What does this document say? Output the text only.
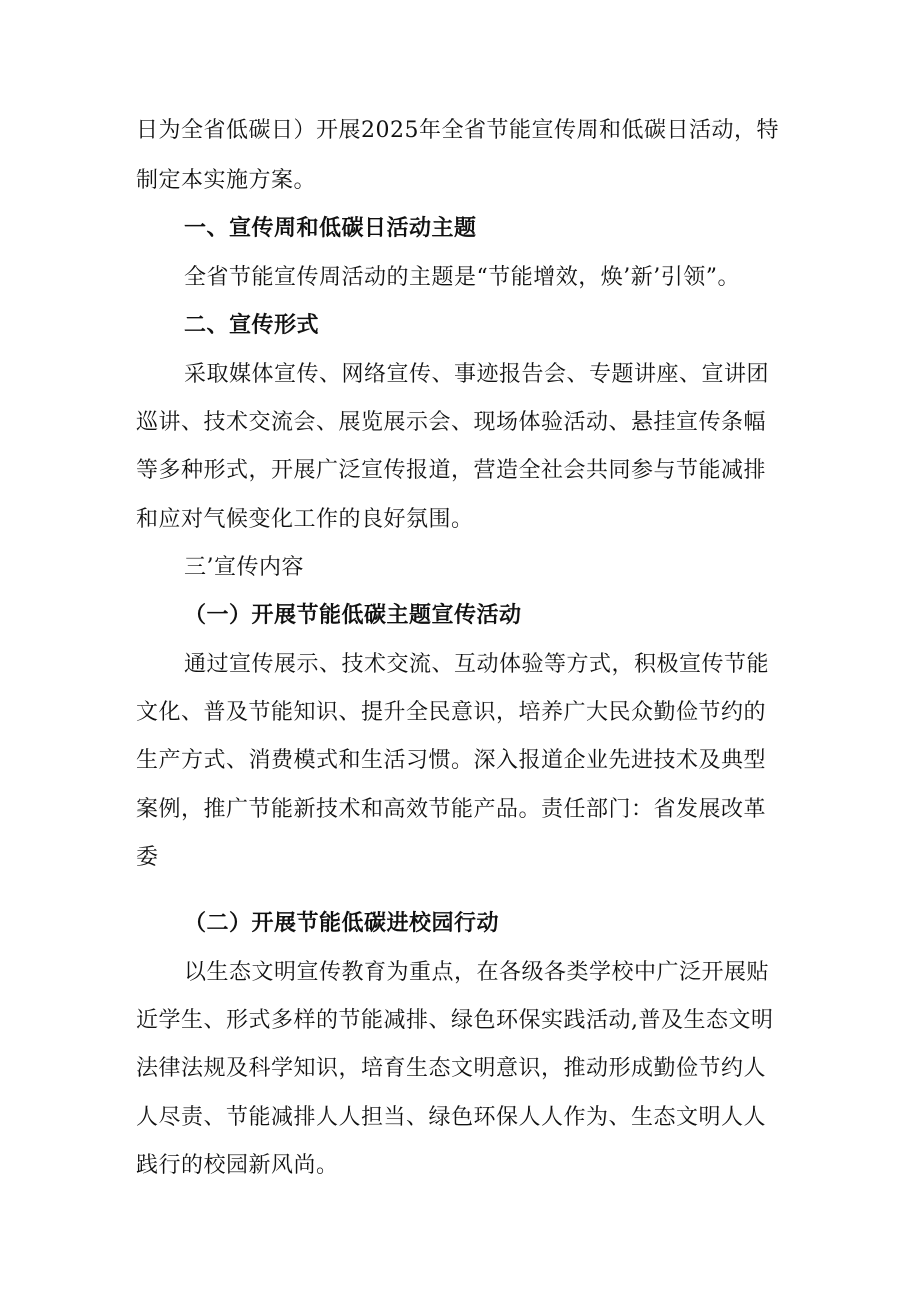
日为全省低碳日）开展2025年全省节能宣传周和低碳日活动，特
制定本实施方案。
一、宣传周和低碳日活动主题
全省节能宣传周活动的主题是“节能增效，焕’新’引领”。
二、宣传形式
采取媒体宣传、网络宣传、事迹报告会、专题讲座、宣讲团
巡讲、技术交流会、展览展示会、现场体验活动、悬挂宣传条幅
等多种形式，开展广泛宣传报道，营造全社会共同参与节能减排
和应对气候变化工作的良好氛围。
三’宣传内容
（一）开展节能低碳主题宣传活动
通过宣传展示、技术交流、互动体验等方式，积极宣传节能
文化、普及节能知识、提升全民意识，培养广大民众勤俭节约的
生产方式、消费模式和生活习惯。深入报道企业先进技术及典型
案例，推广节能新技术和高效节能产品。责任部门：省发展改革
委
（二）开展节能低碳进校园行动
以生态文明宣传教育为重点，在各级各类学校中广泛开展贴
近学生、形式多样的节能减排、绿色环保实践活动,普及生态文明
法律法规及科学知识，培育生态文明意识，推动形成勤俭节约人
人尽责、节能减排人人担当、绿色环保人人作为、生态文明人人
践行的校园新风尚。
